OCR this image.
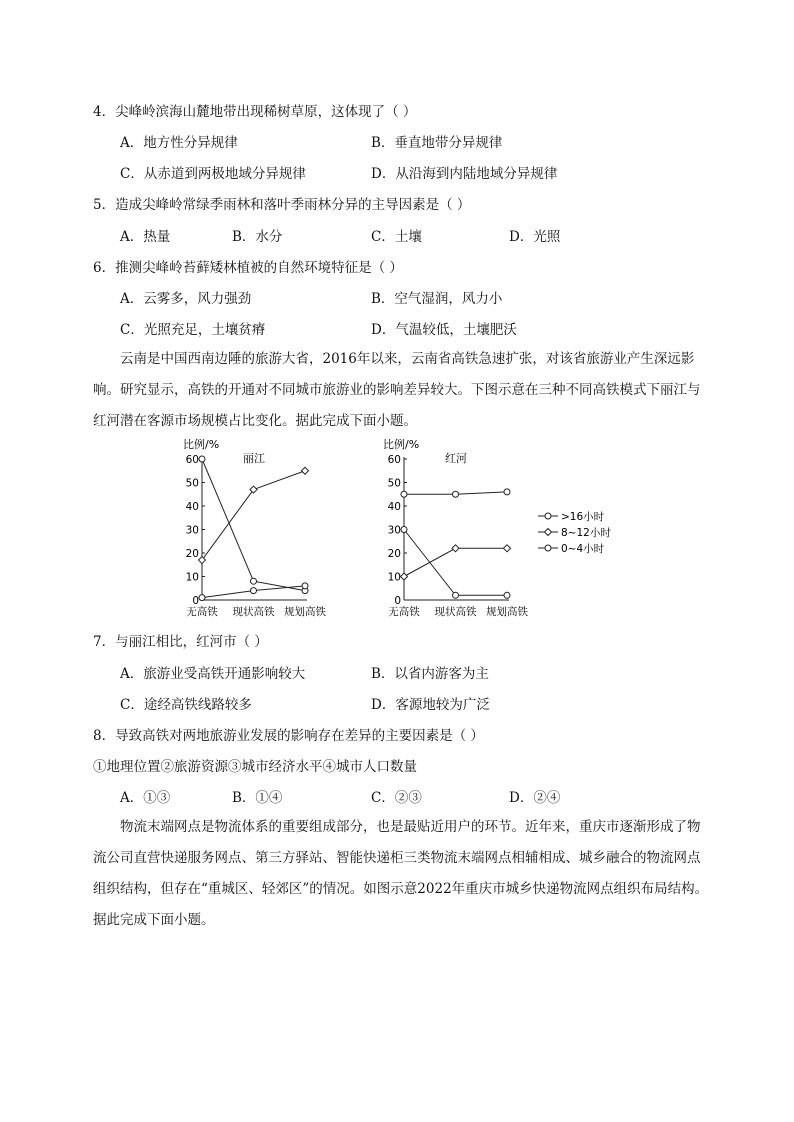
4．尖峰岭滨海山麓地带出现稀树草原，这体现了（ ）
A．地方性分异规律	B．垂直地带分异规律
C．从赤道到两极地域分异规律	D．从沿海到内陆地域分异规律
5．造成尖峰岭常绿季雨林和落叶季雨林分异的主导因素是（ ）
A．热量	B．水分	C．土壤	D．光照
6．推测尖峰岭苔藓矮林植被的自然环境特征是（ ）
A．云雾多，风力强劲	B．空气湿润，风力小
C．光照充足，土壤贫瘠	D．气温较低，土壤肥沃
云南是中国西南边陲的旅游大省，2016年以来，云南省高铁急速扩张，对该省旅游业产生深远影响。研究显示，高铁的开通对不同城市旅游业的影响差异较大。下图示意在三种不同高铁模式下丽江与红河潜在客源市场规模占比变化。据此完成下面小题。
比例/%
丽江
0
10
20
30
40
50
60
无高铁 现状高铁 规划高铁
比例/%
红河
0
10
20
30
40
50
60
无高铁 现状高铁 规划高铁
>16小时
8~12小时
0~4小时
7．与丽江相比，红河市（ ）
A．旅游业受高铁开通影响较大	B．以省内游客为主
C．途经高铁线路较多	D．客源地较为广泛
8．导致高铁对两地旅游业发展的影响存在差异的主要因素是（ ）
①地理位置②旅游资源③城市经济水平④城市人口数量
A．①③	B．①④	C．②③	D．②④
物流末端网点是物流体系的重要组成部分，也是最贴近用户的环节。近年来，重庆市逐渐形成了物流公司直营快递服务网点、第三方驿站、智能快递柜三类物流末端网点相辅相成、城乡融合的物流网点组织结构，但存在“重城区、轻郊区”的情况。如图示意2022年重庆市城乡快递物流网点组织布局结构。据此完成下面小题。
